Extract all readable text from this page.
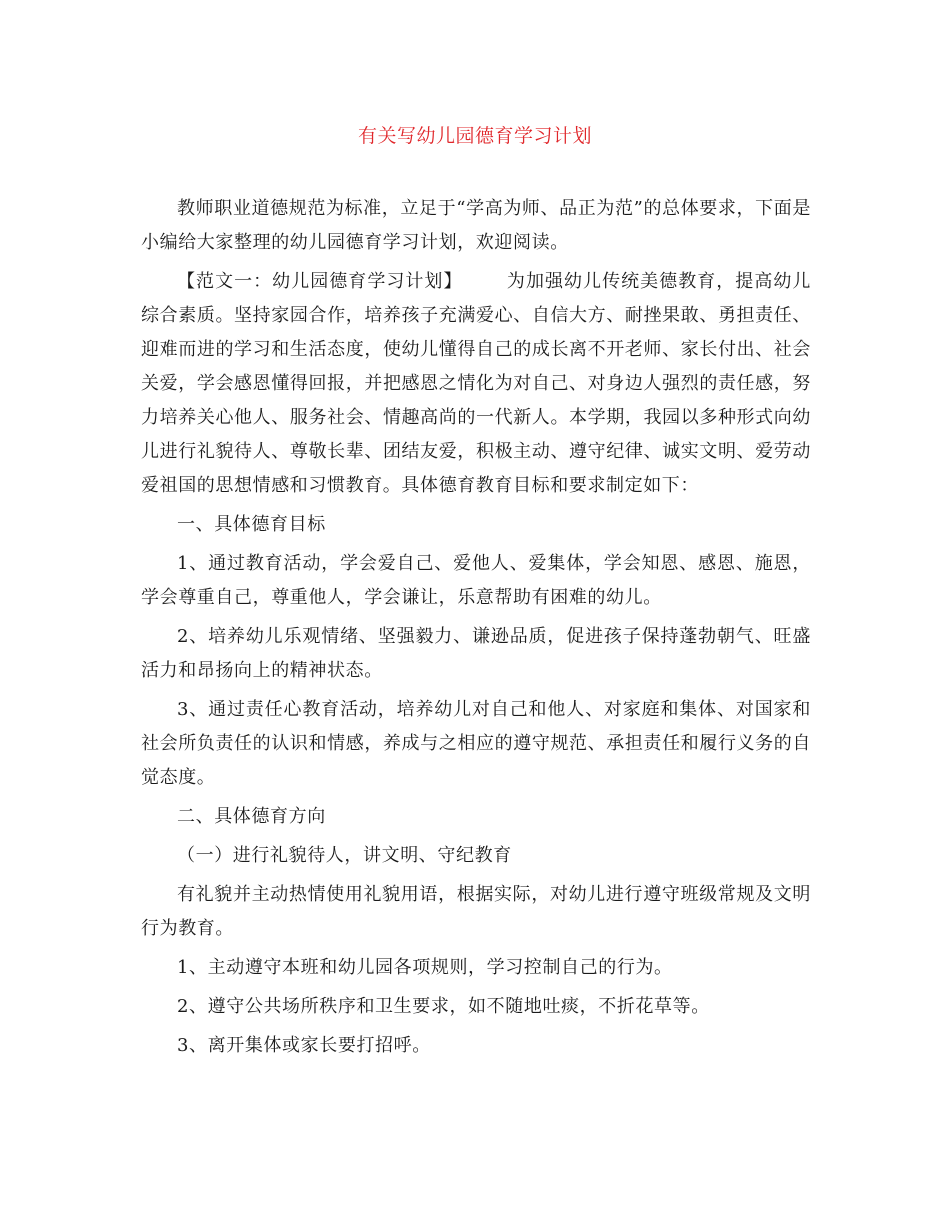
有关写幼儿园德育学习计划

教师职业道德规范为标准，立足于“学高为师、品正为范”的总体要求，下面是小编给大家整理的幼儿园德育学习计划，欢迎阅读。

【范文一：幼儿园德育学习计划】 为加强幼儿传统美德教育，提高幼儿综合素质。坚持家园合作，培养孩子充满爱心、自信大方、耐挫果敢、勇担责任、迎难而进的学习和生活态度，使幼儿懂得自己的成长离不开老师、家长付出、社会关爱，学会感恩懂得回报，并把感恩之情化为对自己、对身边人强烈的责任感，努力培养关心他人、服务社会、情趣高尚的一代新人。本学期，我园以多种形式向幼儿进行礼貌待人、尊敬长辈、团结友爱，积极主动、遵守纪律、诚实文明、爱劳动爱祖国的思想情感和习惯教育。具体德育教育目标和要求制定如下：

一、具体德育目标

1、通过教育活动，学会爱自己、爱他人、爱集体，学会知恩、感恩、施恩，学会尊重自己，尊重他人，学会谦让，乐意帮助有困难的幼儿。

2、培养幼儿乐观情绪、坚强毅力、谦逊品质，促进孩子保持蓬勃朝气、旺盛活力和昂扬向上的精神状态。

3、通过责任心教育活动，培养幼儿对自己和他人、对家庭和集体、对国家和社会所负责任的认识和情感，养成与之相应的遵守规范、承担责任和履行义务的自觉态度。

二、具体德育方向

（一）进行礼貌待人，讲文明、守纪教育

有礼貌并主动热情使用礼貌用语，根据实际，对幼儿进行遵守班级常规及文明行为教育。

1、主动遵守本班和幼儿园各项规则，学习控制自己的行为。

2、遵守公共场所秩序和卫生要求，如不随地吐痰，不折花草等。

3、离开集体或家长要打招呼。
